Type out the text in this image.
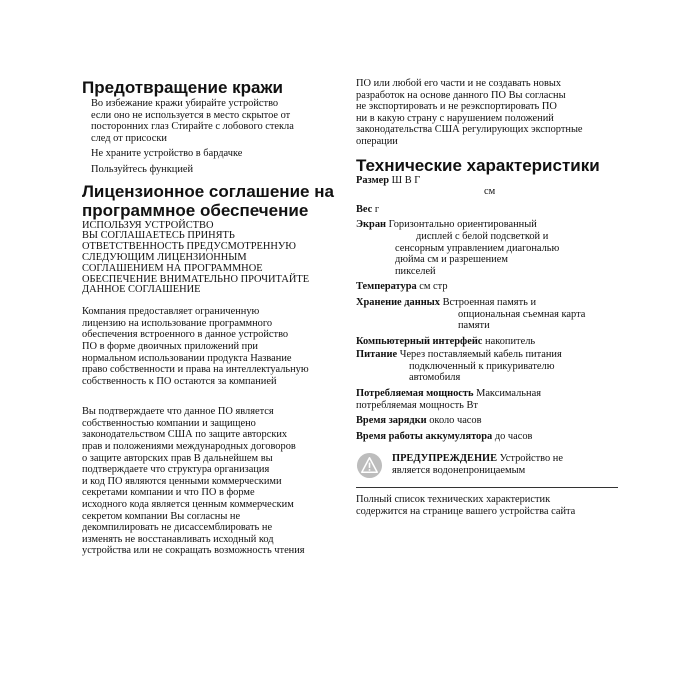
Предотвращение кражи
Во избежание кражи убирайте устройство
если оно не используется в место скрытое от
посторонних глаз Стирайте с лобового стекла
след от присоски
Не храните устройство в бардачке
Пользуйтесь функцией
Лицензионное соглашение на
программное обеспечение
ИСПОЛЬЗУЯ УСТРОЙСТВО
ВЫ СОГЛАШАЕТЕСЬ ПРИНЯТЬ
ОТВЕТСТВЕННОСТЬ ПРЕДУСМОТРЕННУЮ
СЛЕДУЮЩИМ ЛИЦЕНЗИОННЫМ
СОГЛАШЕНИЕМ НА ПРОГРАММНОЕ
ОБЕСПЕЧЕНИЕ ВНИМАТЕЛЬНО ПРОЧИТАЙТЕ
ДАННОЕ СОГЛАШЕНИЕ
Компания предоставляет ограниченную
лицензию на использование программного
обеспечения встроенного в данное устройство
ПО в форме двоичных приложений при
нормальном использовании продукта Название
право собственности и права на интеллектуальную
собственность к ПО остаются за компанией
Вы подтверждаете что данное ПО является
собственностью компании и защищено
законодательством США по защите авторских
прав и положениями международных договоров
о защите авторских прав В дальнейшем вы
подтверждаете что структура организация
и код ПО являются ценными коммерческими
секретами компании и что ПО в форме
исходного кода является ценным коммерческим
секретом компании Вы согласны не
декомпилировать не дисассемблировать не
изменять не восстанавливать исходный код
устройства или не сокращать возможность чтения
ПО или любой его части и не создавать новых
разработок на основе данного ПО Вы согласны
не экспортировать и не реэкспортировать ПО
ни в какую страну с нарушением положений
законодательства США регулирующих экспортные
операции
Технические характеристики
Размер Ш В Г
см
Вес г
Экран Горизонтально ориентированный
дисплей с белой подсветкой и
сенсорным управлением диагональю
дюйма см и разрешением
пикселей
Температура см стр
Хранение данных Встроенная память и
опциональная съемная карта
памяти
Компьютерный интерфейс накопитель
Питание Через поставляемый кабель питания
подключенный к прикуривателю
автомобиля
Потребляемая мощность Максимальная
потребляемая мощность Вт
Время зарядки около часов
Время работы аккумулятора до часов
ПРЕДУПРЕЖДЕНИЕ Устройство не
является водонепроницаемым
Полный список технических характеристик
содержится на странице вашего устройства сайта
